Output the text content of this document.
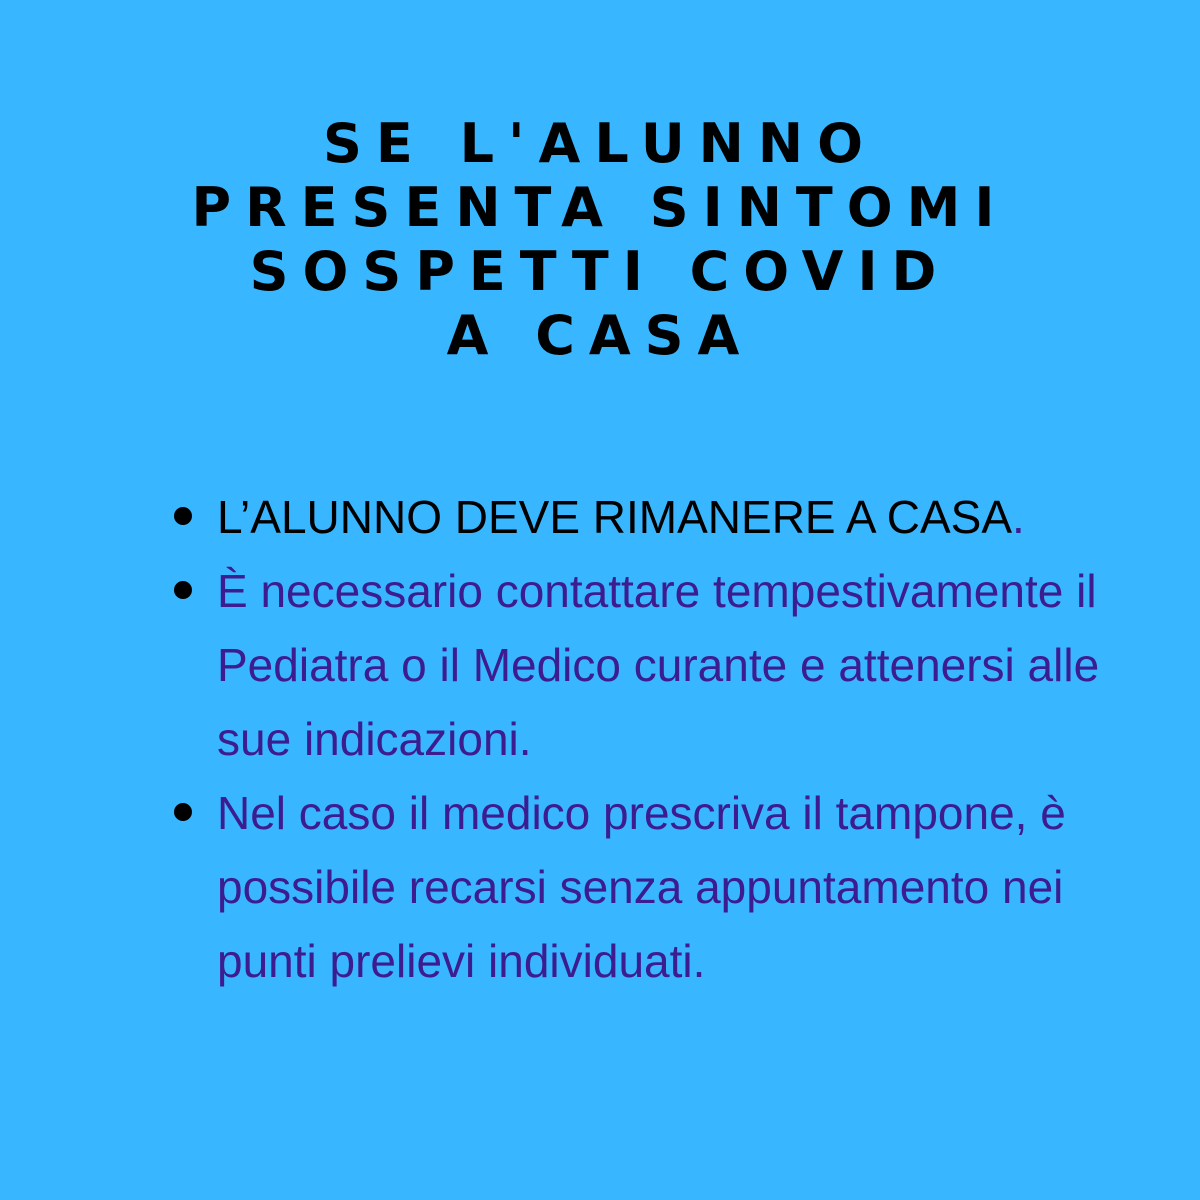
SE L'ALUNNO
PRESENTA SINTOMI
SOSPETTI COVID
A CASA
L’ALUNNO DEVE RIMANERE A CASA.
È necessario contattare tempestivamente il Pediatra o il Medico curante e attenersi alle sue indicazioni.
Nel caso il medico prescriva il tampone, è possibile recarsi senza appuntamento nei punti prelievi individuati.
